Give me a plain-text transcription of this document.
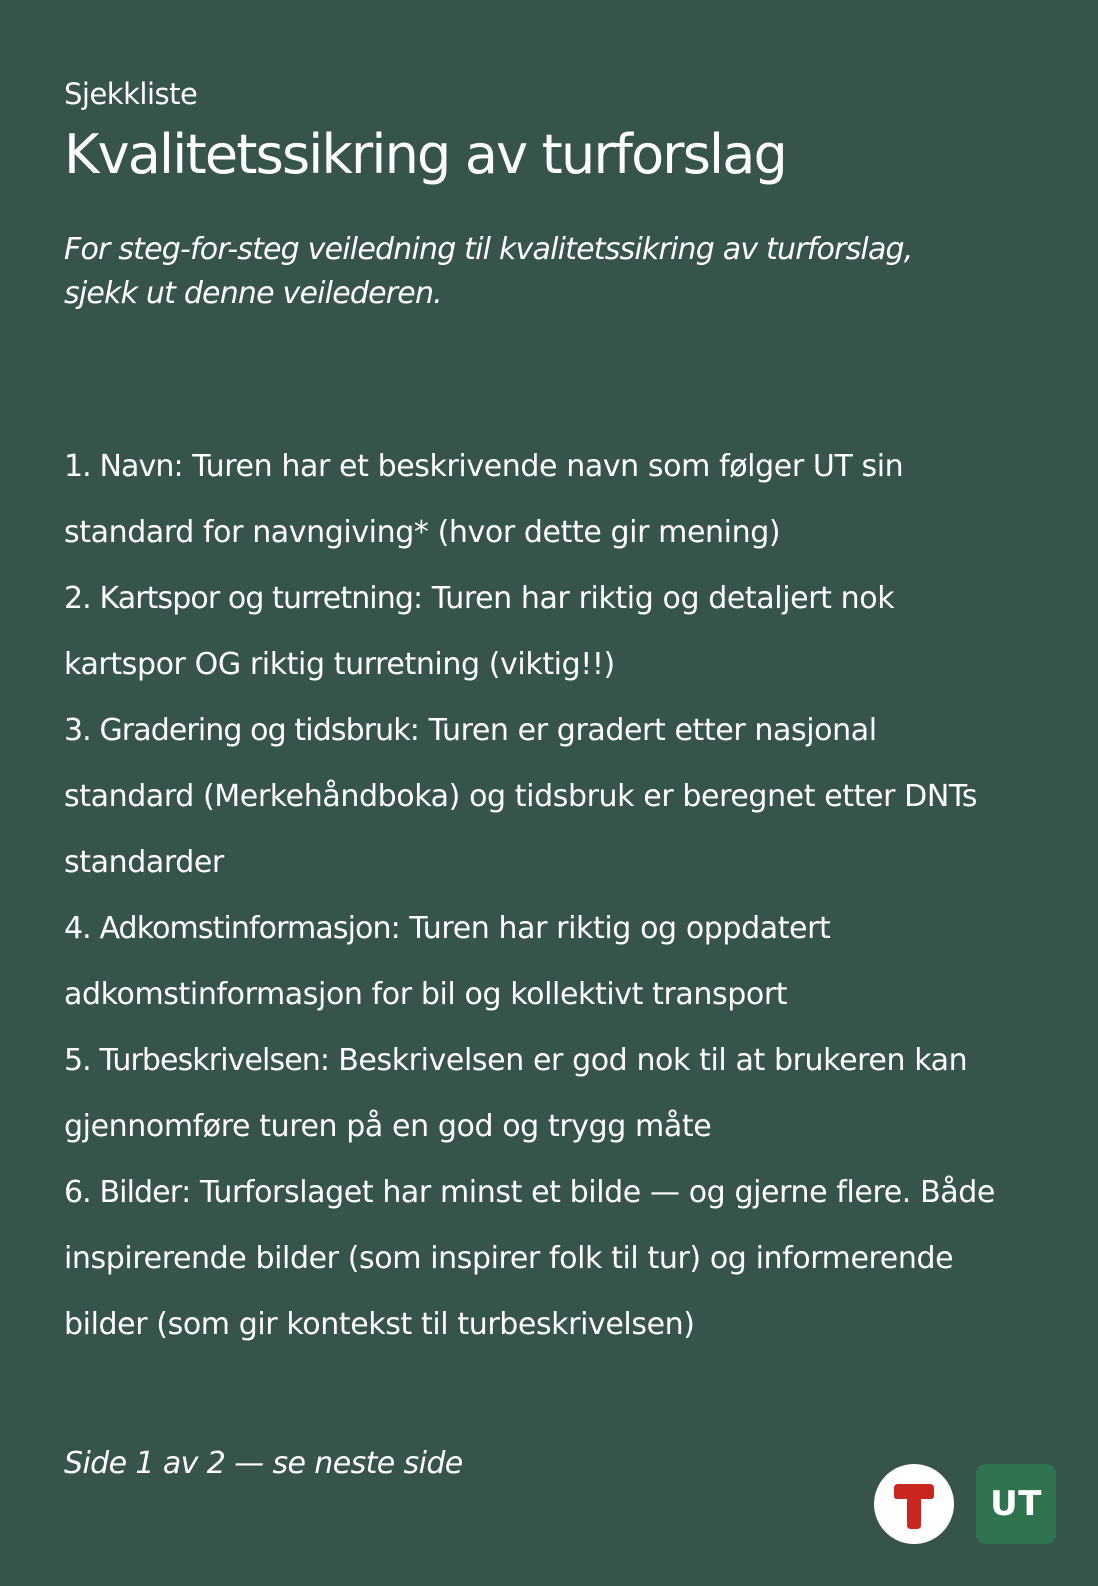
Sjekkliste

Kvalitetssikring av turforslag

For steg-for-steg veiledning til kvalitetssikring av turforslag,
sjekk ut denne veilederen.

1. Navn: Turen har et beskrivende navn som følger UT sin
standard for navngiving* (hvor dette gir mening)
2. Kartspor og turretning: Turen har riktig og detaljert nok
kartspor OG riktig turretning (viktig!!)
3. Gradering og tidsbruk: Turen er gradert etter nasjonal
standard (Merkehåndboka) og tidsbruk er beregnet etter DNTs
standarder
4. Adkomstinformasjon: Turen har riktig og oppdatert
adkomstinformasjon for bil og kollektivt transport
5. Turbeskrivelsen: Beskrivelsen er god nok til at brukeren kan
gjennomføre turen på en god og trygg måte
6. Bilder: Turforslaget har minst et bilde — og gjerne flere. Både
inspirerende bilder (som inspirer folk til tur) og informerende
bilder (som gir kontekst til turbeskrivelsen)

Side 1 av 2 — se neste side

UT
